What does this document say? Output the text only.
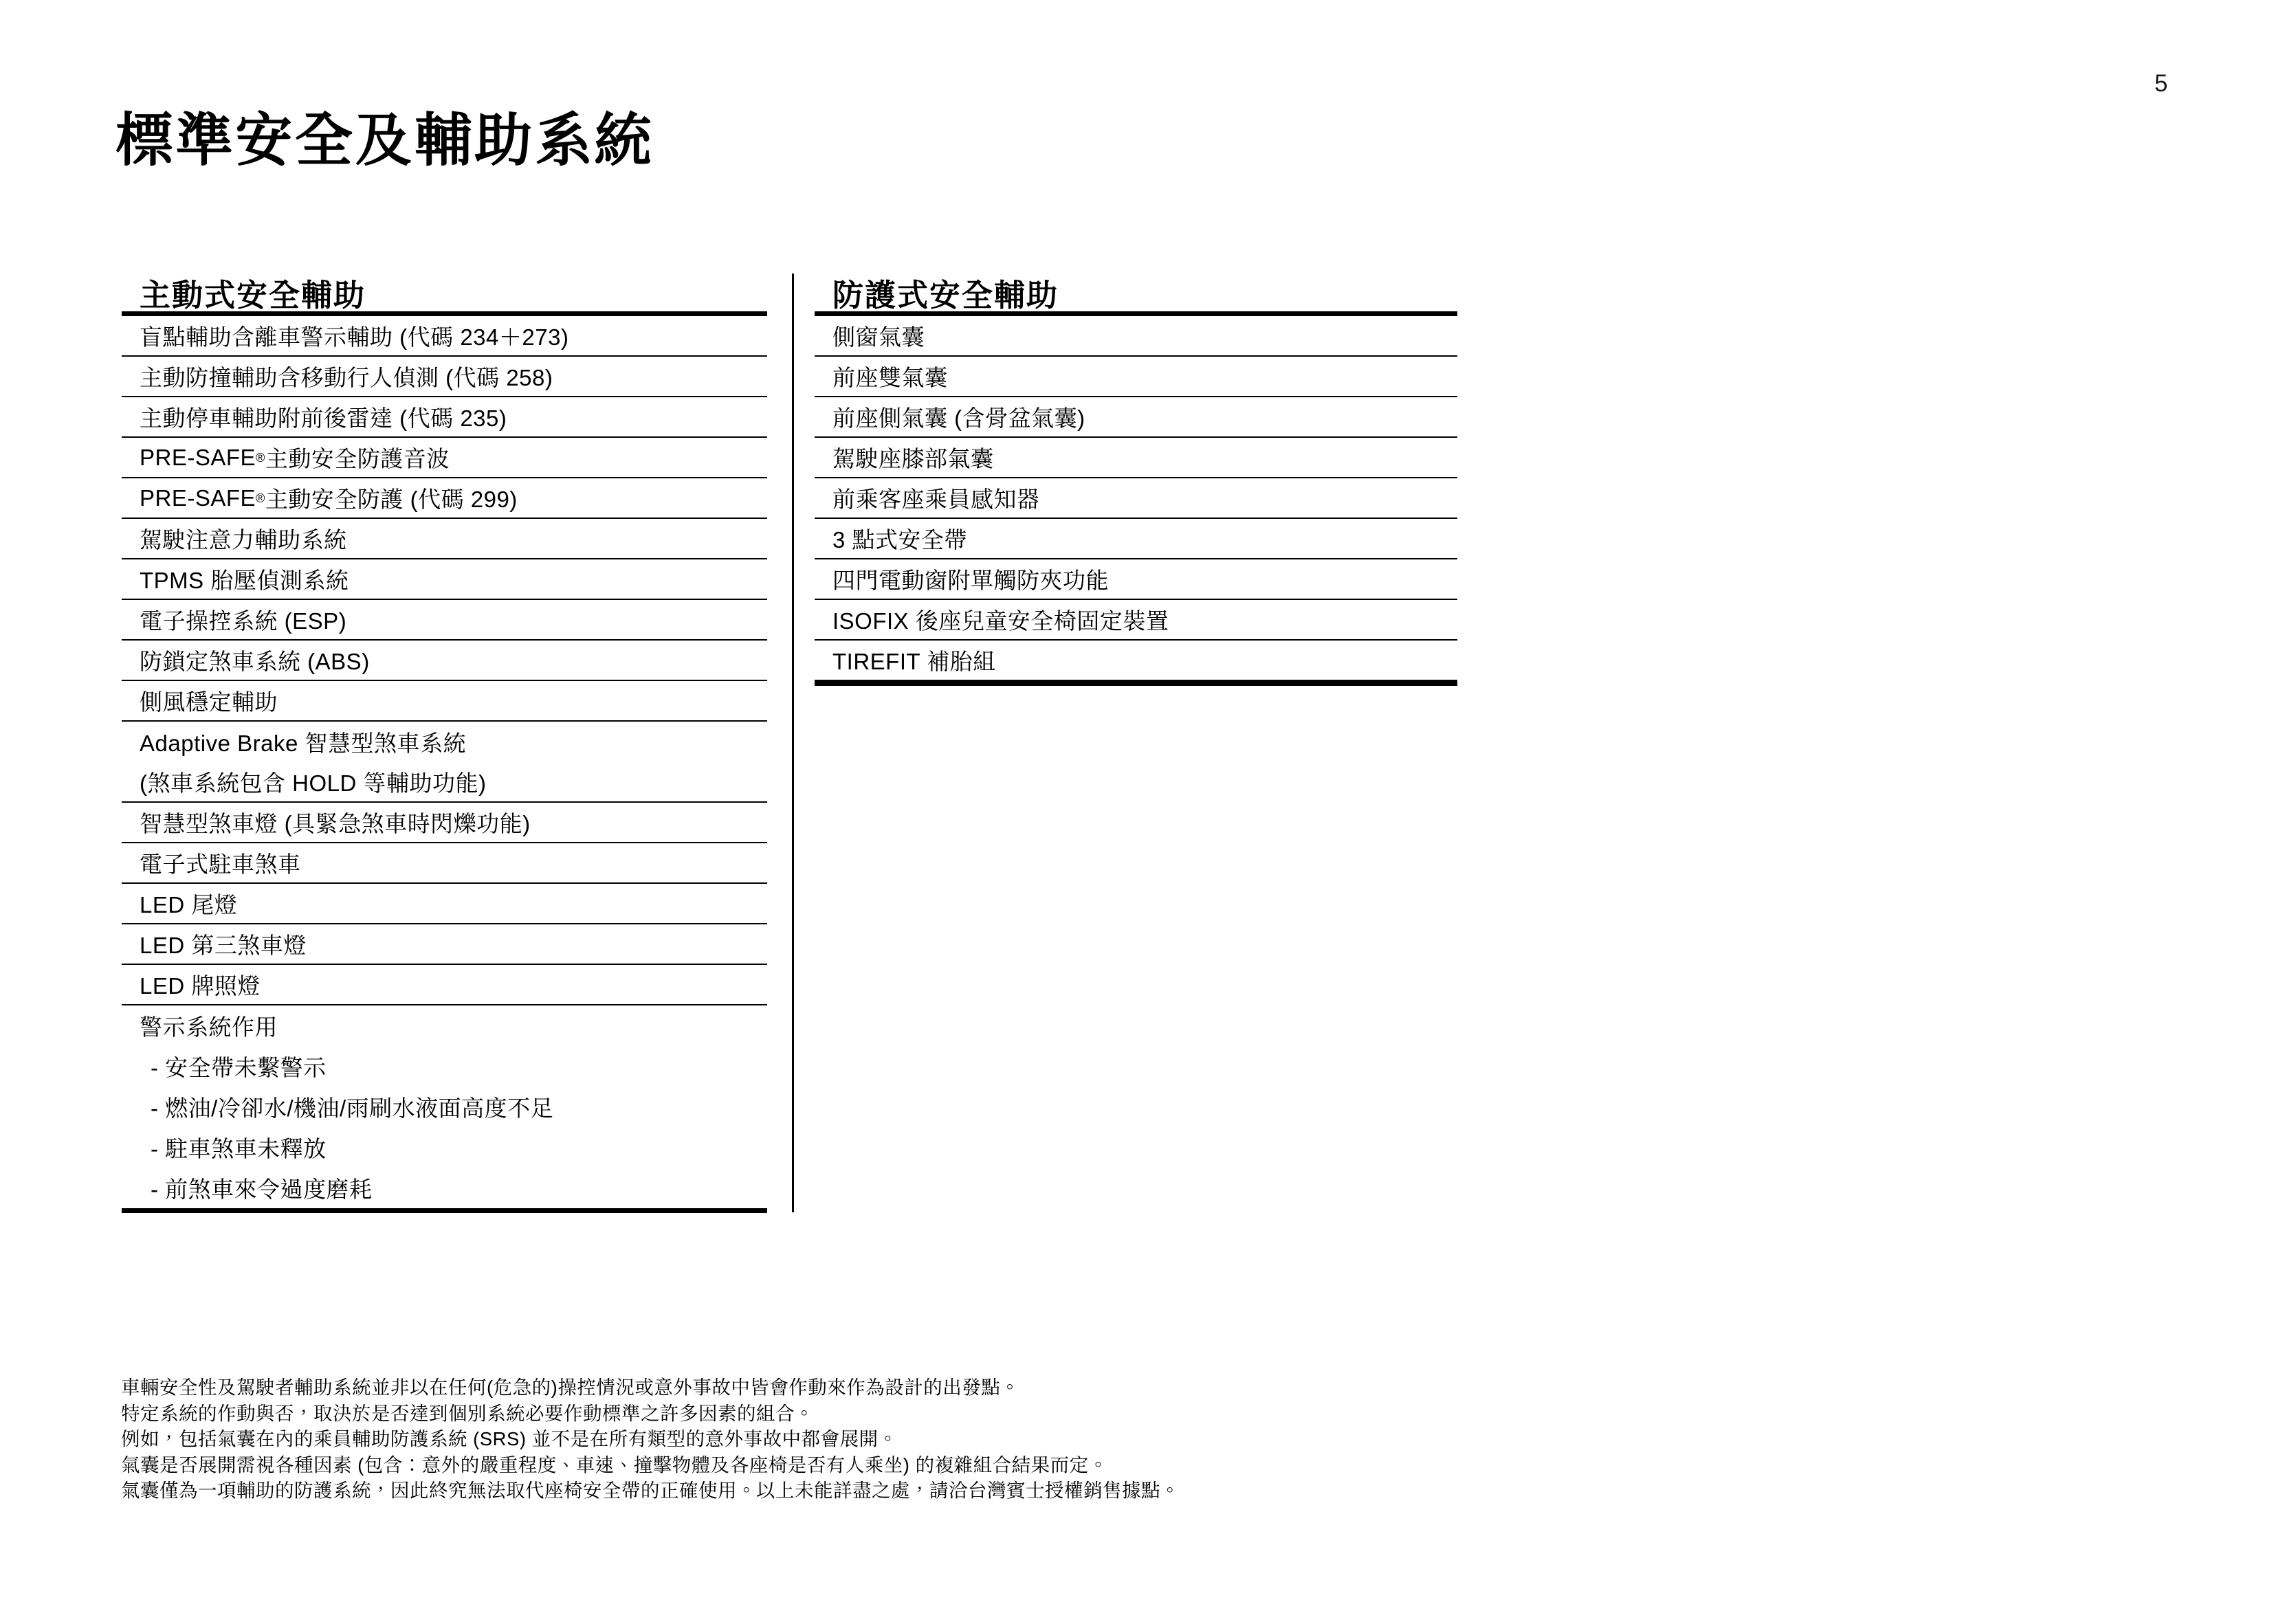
5
標準安全及輔助系統
主動式安全輔助
盲點輔助含離車警示輔助 (代碼 234＋273)
主動防撞輔助含移動行人偵測 (代碼 258)
主動停車輔助附前後雷達 (代碼 235)
PRE-SAFE ® 主動安全防護音波
PRE-SAFE ® 主動安全防護 (代碼 299)
駕駛注意力輔助系統
TPMS 胎壓偵測系統
電子操控系統 (ESP)
防鎖定煞車系統 (ABS)
側風穩定輔助
Adaptive Brake 智慧型煞車系統
(煞車系統包含 HOLD 等輔助功能)
智慧型煞車燈 (具緊急煞車時閃爍功能)
電子式駐車煞車
LED 尾燈
LED 第三煞車燈
LED 牌照燈
警示系統作用
- 安全帶未繫警示
- 燃油/冷卻水/機油/雨刷水液面高度不足
- 駐車煞車未釋放
- 前煞車來令過度磨耗
防護式安全輔助
側窗氣囊
前座雙氣囊
前座側氣囊 (含骨盆氣囊)
駕駛座膝部氣囊
前乘客座乘員感知器
3 點式安全帶
四門電動窗附單觸防夾功能
ISOFIX 後座兒童安全椅固定裝置
TIREFIT 補胎組
車輛安全性及駕駛者輔助系統並非以在任何(危急的)操控情況或意外事故中皆會作動來作為設計的出發點。
特定系統的作動與否，取決於是否達到個別系統必要作動標準之許多因素的組合。
例如，包括氣囊在內的乘員輔助防護系統 (SRS) 並不是在所有類型的意外事故中都會展開。
氣囊是否展開需視各種因素 (包含：意外的嚴重程度、車速、撞擊物體及各座椅是否有人乘坐) 的複雜組合結果而定。
氣囊僅為一項輔助的防護系統，因此終究無法取代座椅安全帶的正確使用。以上未能詳盡之處，請洽台灣賓士授權銷售據點。
